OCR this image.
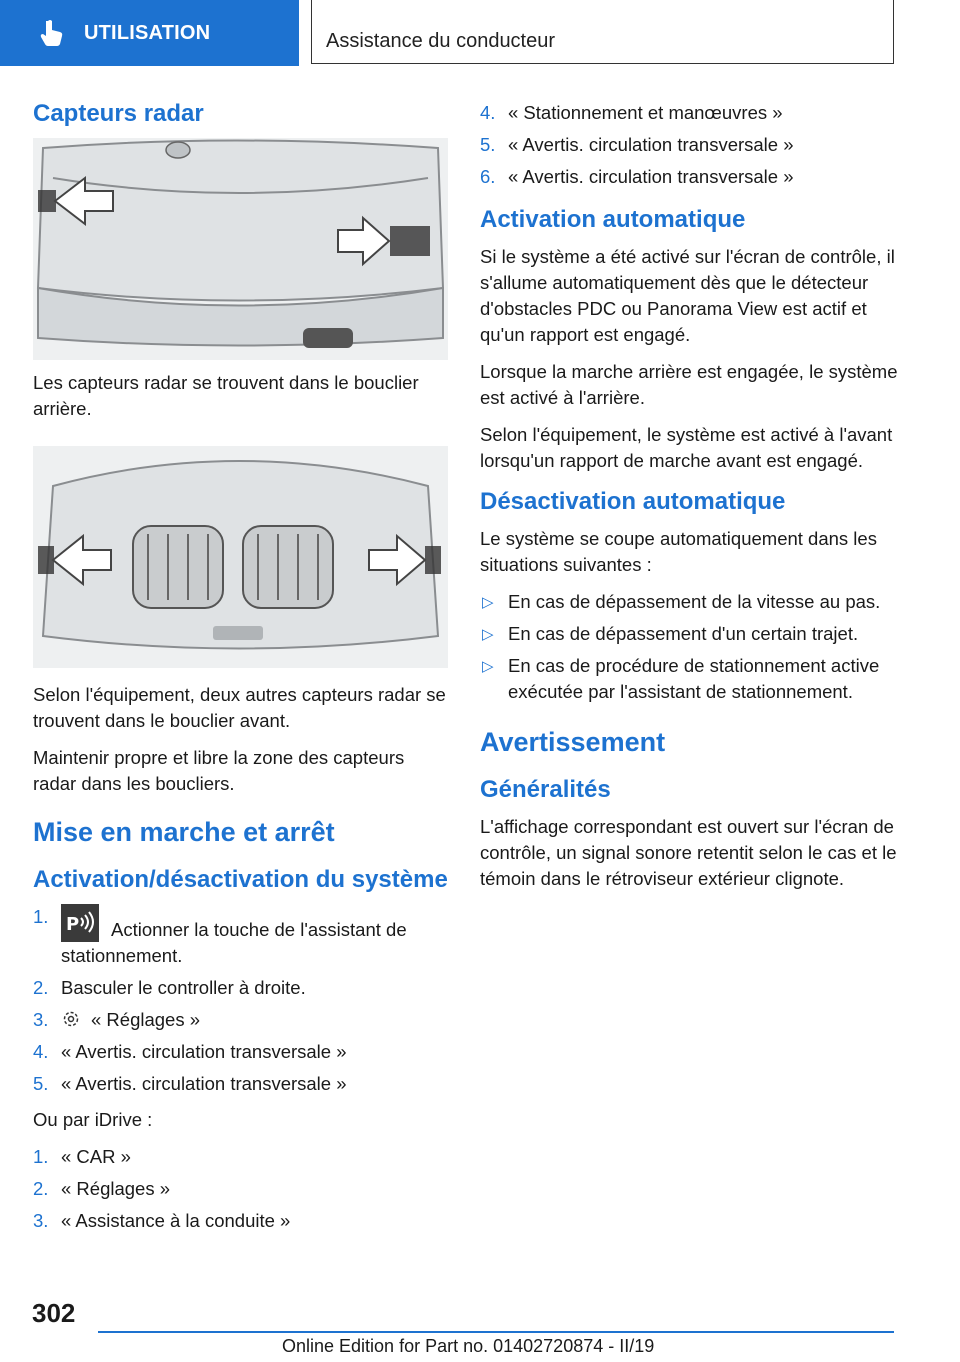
UTILISATION	Assistance du conducteur
Capteurs radar

Les capteurs radar se trouvent dans le bouclier arrière.

Selon l'équipement, deux autres capteurs radar se trouvent dans le bouclier avant.

Maintenir propre et libre la zone des capteurs radar dans les boucliers.

Mise en marche et arrêt
Activation/désactivation du système
1. P Actionner la touche de l'assistant de stationnement.
2. Basculer le controller à droite.
3. « Réglages »
4. « Avertis. circulation transversale »
5. « Avertis. circulation transversale »

Ou par iDrive :

1. « CAR »
2. « Réglages »
3. « Assistance à la conduite »
4. « Stationnement et manœuvres »
5. « Avertis. circulation transversale »
6. « Avertis. circulation transversale »
Activation automatique

Si le système a été activé sur l'écran de contrôle, il s'allume automatiquement dès que le détecteur d'obstacles PDC ou Panorama View est actif et qu'un rapport est engagé.

Lorsque la marche arrière est engagée, le système est activé à l'arrière.

Selon l'équipement, le système est activé à l'avant lorsqu'un rapport de marche avant est engagé.

Désactivation automatique

Le système se coupe automatiquement dans les situations suivantes :

▷ En cas de dépassement de la vitesse au pas.
▷ En cas de dépassement d'un certain trajet.
▷ En cas de procédure de stationnement active exécutée par l'assistant de stationnement.
Avertissement
Généralités

L'affichage correspondant est ouvert sur l'écran de contrôle, un signal sonore retentit selon le cas et le témoin dans le rétroviseur extérieur clignote.

302
Online Edition for Part no. 01402720874 - II/19
